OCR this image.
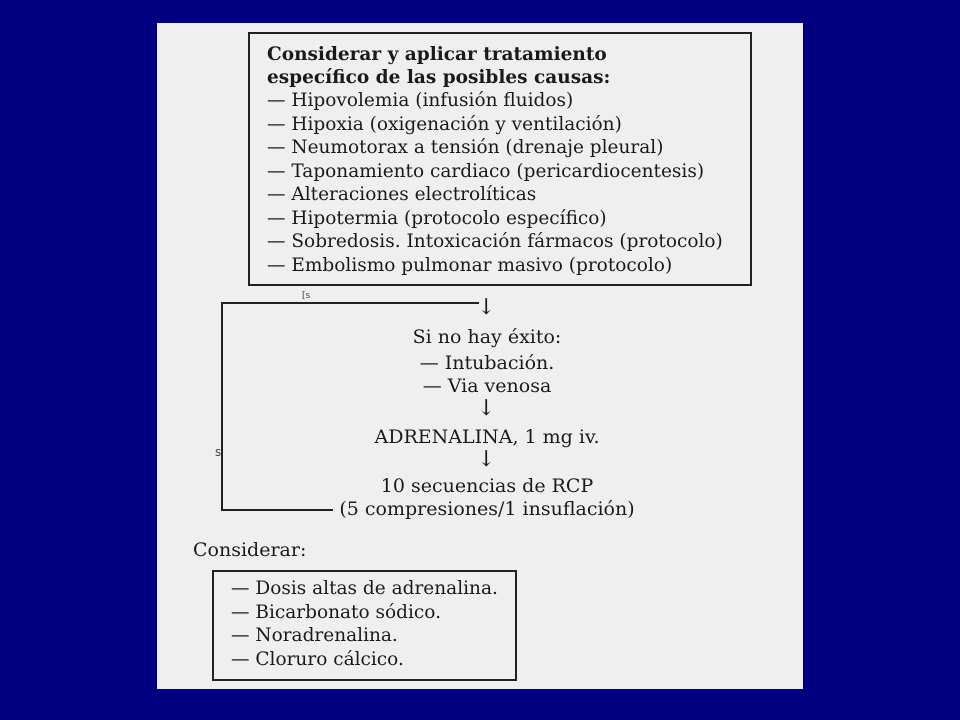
Considerar y aplicar tratamiento
específico de las posibles causas:
— Hipovolemia (infusión fluidos)
— Hipoxia (oxigenación y ventilación)
— Neumotorax a tensión (drenaje pleural)
— Taponamiento cardiaco (pericardiocentesis)
— Alteraciones electrolíticas
— Hipotermia (protocolo específico)
— Sobredosis. Intoxicación fármacos (protocolo)
— Embolismo pulmonar masivo (protocolo)
[s
s
↓
Si no hay éxito:
— Intubación.
— Via venosa
↓
ADRENALINA, 1 mg iv.
↓
10 secuencias de RCP
(5 compresiones/1 insuflación)
Considerar:
— Dosis altas de adrenalina.
— Bicarbonato sódico.
— Noradrenalina.
— Cloruro cálcico.
